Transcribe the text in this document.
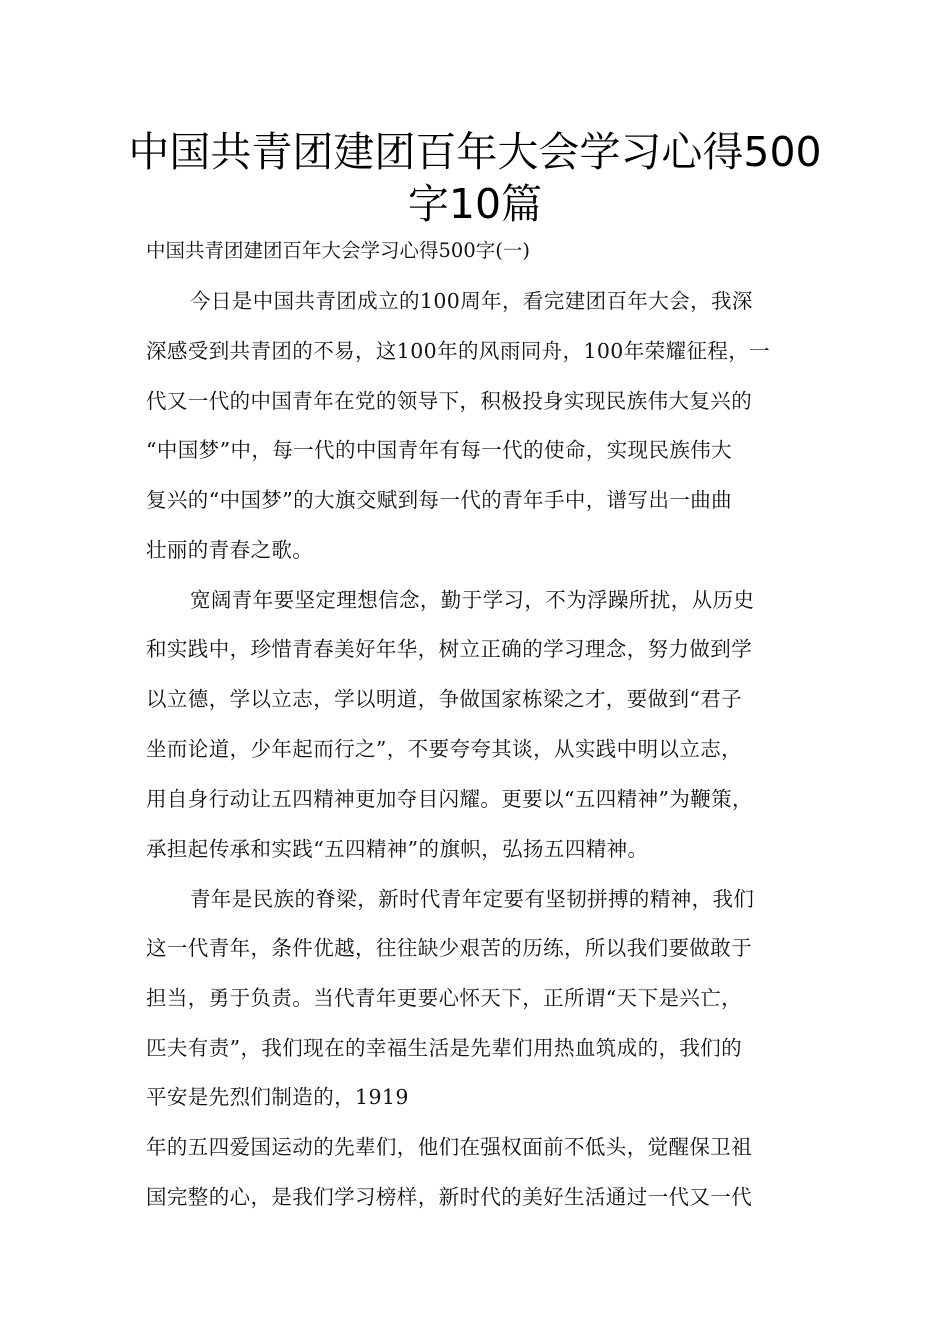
中国共青团建团百年大会学习心得500
字10篇

中国共青团建团百年大会学习心得500字(一)

今日是中国共青团成立的100周年，看完建团百年大会，我深

深感受到共青团的不易，这100年的风雨同舟，100年荣耀征程，一

代又一代的中国青年在党的领导下，积极投身实现民族伟大复兴的

“中国梦”中，每一代的中国青年有每一代的使命，实现民族伟大

复兴的“中国梦”的大旗交赋到每一代的青年手中，谱写出一曲曲

壮丽的青春之歌。

宽阔青年要坚定理想信念，勤于学习，不为浮躁所扰，从历史

和实践中，珍惜青春美好年华，树立正确的学习理念，努力做到学

以立德，学以立志，学以明道，争做国家栋梁之才，要做到“君子

坐而论道，少年起而行之”，不要夸夸其谈，从实践中明以立志，

用自身行动让五四精神更加夺目闪耀。更要以“五四精神”为鞭策，

承担起传承和实践“五四精神”的旗帜，弘扬五四精神。

青年是民族的脊梁，新时代青年定要有坚韧拼搏的精神，我们

这一代青年，条件优越，往往缺少艰苦的历练，所以我们要做敢于

担当，勇于负责。当代青年更要心怀天下，正所谓“天下是兴亡，

匹夫有责”，我们现在的幸福生活是先辈们用热血筑成的，我们的

平安是先烈们制造的，1919

年的五四爱国运动的先辈们，他们在强权面前不低头，觉醒保卫祖

国完整的心，是我们学习榜样，新时代的美好生活通过一代又一代
